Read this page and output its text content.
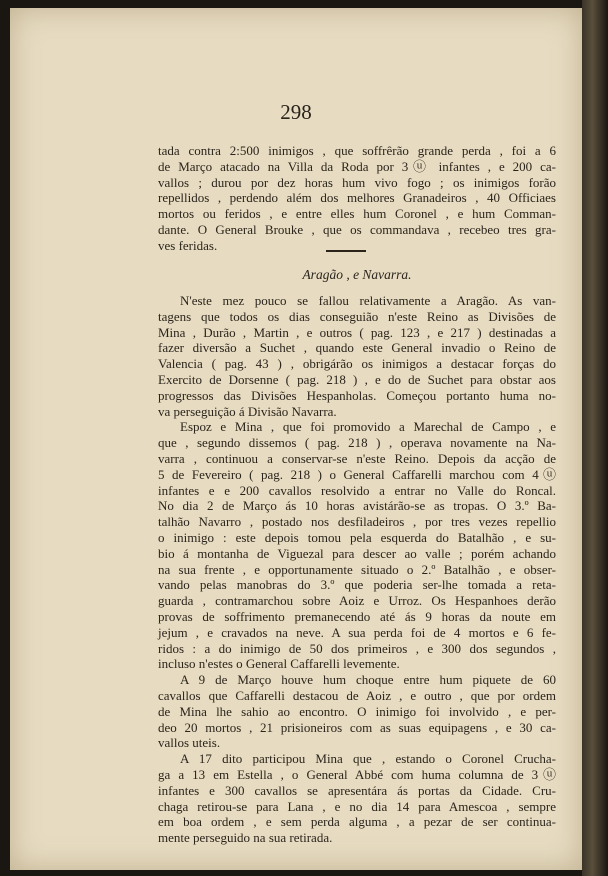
298
tada contra 2:500 inimigos , que soffrêrão grande perda , foi a 6
de Março atacado na Villa da Roda por 3ⓤ infantes , e 200 ca-
vallos ; durou por dez horas hum vivo fogo ; os inimigos forão
repellidos , perdendo além dos melhores Granadeiros , 40 Officiaes
mortos ou feridos , e entre elles hum Coronel , e hum Comman-
dante. O General Brouke , que os commandava , recebeo tres gra-
ves feridas.
Aragão , e Navarra.
N'este mez pouco se fallou relativamente a Aragão. As van-
tagens que todos os dias conseguião n'este Reino as Divisões de
Mina , Durão , Martin , e outros ( pag. 123 , e 217 ) destinadas a
fazer diversão a Suchet , quando este General invadio o Reino de
Valencia ( pag. 43 ) , obrigárão os inimigos a destacar forças do
Exercito de Dorsenne ( pag. 218 ) , e do de Suchet para obstar aos
progressos das Divisões Hespanholas. Começou portanto huma no-
va perseguição á Divisão Navarra.
Espoz e Mina , que foi promovido a Marechal de Campo , e
que , segundo dissemos ( pag. 218 ) , operava novamente na Na-
varra , continuou a conservar-se n'este Reino. Depois da acção de
5 de Fevereiro ( pag. 218 ) o General Caffarelli marchou com 4ⓤ
infantes e e 200 cavallos resolvido a entrar no Valle do Roncal.
No dia 2 de Março ás 10 horas avistárão-se as tropas. O 3.º Ba-
talhão Navarro , postado nos desfiladeiros , por tres vezes repellio
o inimigo : este depois tomou pela esquerda do Batalhão , e su-
bio á montanha de Viguezal para descer ao valle ; porém achando
na sua frente , e opportunamente situado o 2.º Batalhão , e obser-
vando pelas manobras do 3.º que poderia ser-lhe tomada a reta-
guarda , contramarchou sobre Aoiz e Urroz. Os Hespanhoes derão
provas de soffrimento premanecendo até ás 9 horas da noute em
jejum , e cravados na neve. A sua perda foi de 4 mortos e 6 fe-
ridos : a do inimigo de 50 dos primeiros , e 300 dos segundos ,
incluso n'estes o General Caffarelli levemente.
A 9 de Março houve hum choque entre hum piquete de 60
cavallos que Caffarelli destacou de Aoiz , e outro , que por ordem
de Mina lhe sahio ao encontro. O inimigo foi involvido , e per-
deo 20 mortos , 21 prisioneiros com as suas equipagens , e 30 ca-
vallos uteis.
A 17 dito participou Mina que , estando o Coronel Crucha-
ga a 13 em Estella , o General Abbé com huma columna de 3ⓤ
infantes e 300 cavallos se apresentára ás portas da Cidade. Cru-
chaga retirou-se para Lana , e no dia 14 para Amescoa , sempre
em boa ordem , e sem perda alguma , a pezar de ser continua-
mente perseguido na sua retirada.
